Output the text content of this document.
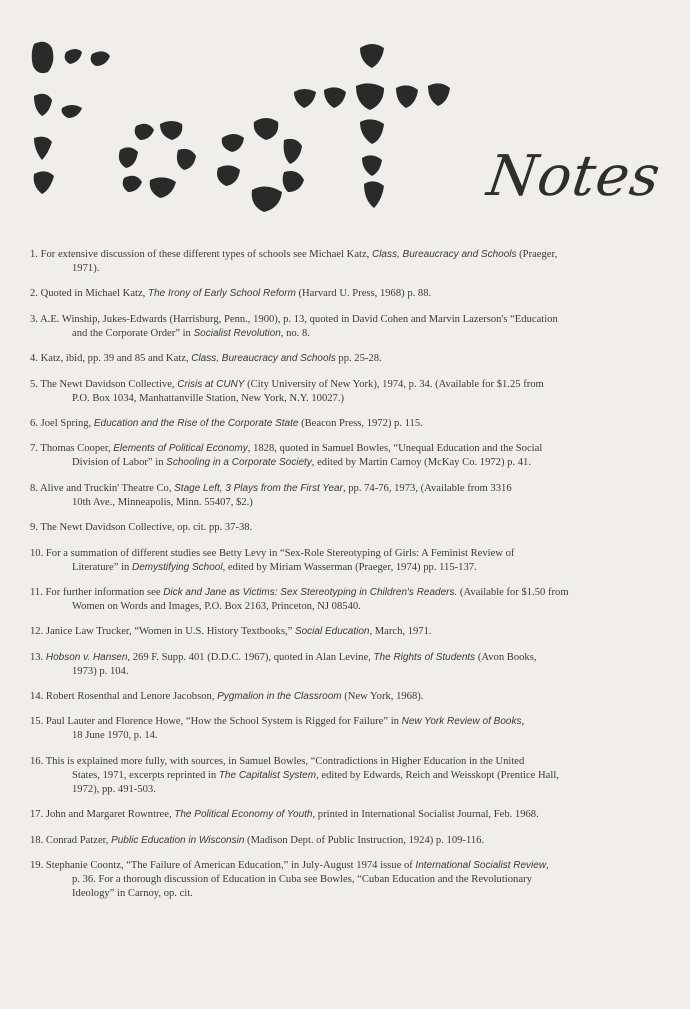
Notes
1. For extensive discussion of these different types of schools see Michael Katz, Class, Bureaucracy and Schools (Praeger,
1971).
2. Quoted in Michael Katz, The Irony of Early School Reform (Harvard U. Press, 1968) p. 88.
3. A.E. Winship, Jukes-Edwards (Harrisburg, Penn., 1900), p. 13, quoted in David Cohen and Marvin Lazerson's “Education
and the Corporate Order” in Socialist Revolution, no. 8.
4. Katz, ibid, pp. 39 and 85 and Katz, Class, Bureaucracy and Schools pp. 25-28.
5. The Newt Davidson Collective, Crisis at CUNY (City University of New York), 1974, p. 34. (Available for $1.25 from
P.O. Box 1034, Manhattanville Station, New York, N.Y. 10027.)
6. Joel Spring, Education and the Rise of the Corporate State (Beacon Press, 1972) p. 115.
7. Thomas Cooper, Elements of Political Economy, 1828, quoted in Samuel Bowles, “Unequal Education and the Social
Division of Labor” in Schooling in a Corporate Society, edited by Martin Carnoy (McKay Co. 1972) p. 41.
8. Alive and Truckin' Theatre Co, Stage Left, 3 Plays from the First Year, pp. 74-76, 1973, (Available from 3316
10th Ave., Minneapolis, Minn. 55407, $2.)
9. The Newt Davidson Collective, op. cit. pp. 37-38.
10. For a summation of different studies see Betty Levy in “Sex-Role Stereotyping of Girls: A Feminist Review of
Literature” in Demystifying School, edited by Miriam Wasserman (Praeger, 1974) pp. 115-137.
11. For further information see Dick and Jane as Victims: Sex Stereotyping in Children's Readers. (Available for $1.50 from
Women on Words and Images, P.O. Box 2163, Princeton, NJ 08540.
12. Janice Law Trucker, “Women in U.S. History Textbooks,” Social Education, March, 1971.
13. Hobson v. Hansen, 269 F. Supp. 401 (D.D.C. 1967), quoted in Alan Levine, The Rights of Students (Avon Books,
1973) p. 104.
14. Robert Rosenthal and Lenore Jacobson, Pygmalion in the Classroom (New York, 1968).
15. Paul Lauter and Florence Howe, “How the School System is Rigged for Failure” in New York Review of Books,
18 June 1970, p. 14.
16. This is explained more fully, with sources, in Samuel Bowles, “Contradictions in Higher Education in the United
States, 1971, excerpts reprinted in The Capitalist System, edited by Edwards, Reich and Weisskopt (Prentice Hall,
1972), pp. 491-503.
17. John and Margaret Rowntree, The Political Economy of Youth, printed in International Socialist Journal, Feb. 1968.
18. Conrad Patzer, Public Education in Wisconsin (Madison Dept. of Public Instruction, 1924) p. 109-116.
19. Stephanie Coontz, “The Failure of American Education,” in July-August 1974 issue of International Socialist Review,
p. 36. For a thorough discussion of Education in Cuba see Bowles, “Cuban Education and the Revolutionary
Ideology” in Carnoy, op. cit.
